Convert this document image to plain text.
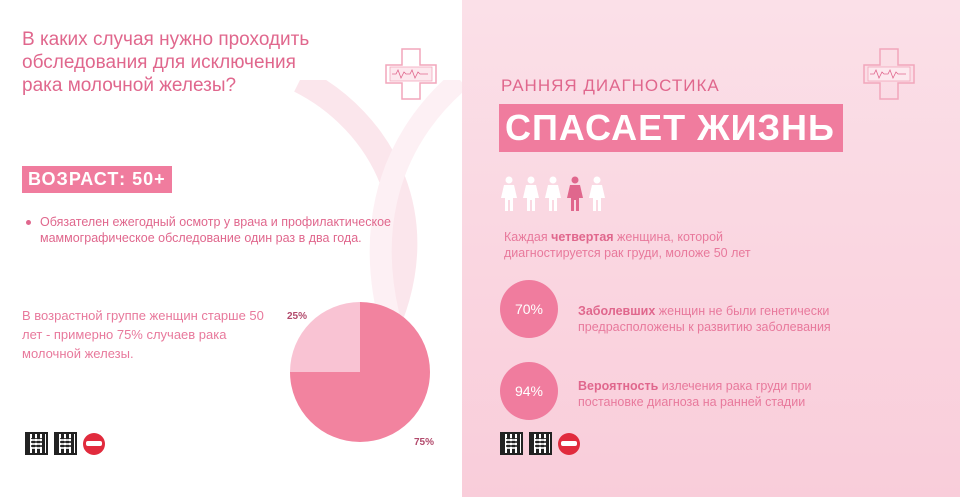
В каких случая нужно проходить обследования для исключения рака молочной железы?
ВОЗРАСТ: 50+
Обязателен ежегодный осмотр у врача и профилактическое маммографическое обследование один раз в два года.
В возрастной группе женщин старше 50 лет - примерно 75% случаев рака молочной железы.
25%
75%
РАННЯЯ ДИАГНОСТИКА
СПАСАЕТ ЖИЗНЬ
Каждая четвертая женщина, которой диагностируется рак груди, моложе 50 лет
70%	Заболевших женщин не были генетически предрасположены к развитию заболевания
94%	Вероятность излечения рака груди при постановке диагноза на ранней стадии
